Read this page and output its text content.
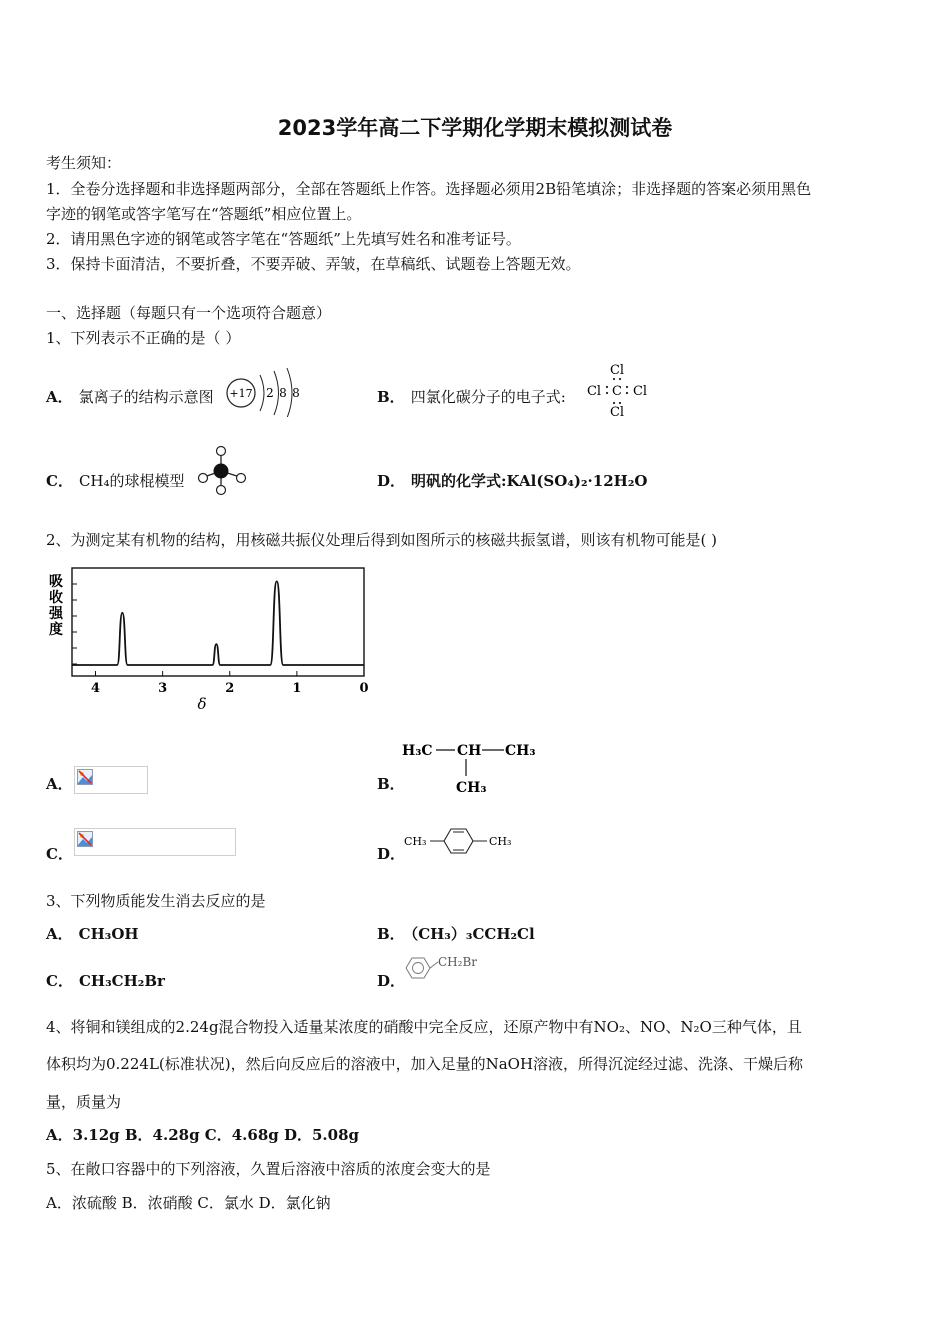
2023学年高二下学期化学期末模拟测试卷
考生须知：
1．全卷分选择题和非选择题两部分，全部在答题纸上作答。选择题必须用2B铅笔填涂；非选择题的答案必须用黑色
字迹的钢笔或答字笔写在“答题纸”相应位置上。
2．请用黑色字迹的钢笔或答字笔在“答题纸”上先填写姓名和准考证号。
3．保持卡面清洁，不要折叠，不要弄破、弄皱，在草稿纸、试题卷上答题无效。
一、选择题（每题只有一个选项符合题意）
1、下列表示不正确的是（ ）
A． 氯离子的结构示意图 +17 2 8 8	B． 四氯化碳分子的电子式:
Cl
Cl C Cl
Cl
C． CH₄的球棍模型	D． 明矾的化学式:KAl(SO₄)₂·12H₂O
2、为测定某有机物的结构，用核磁共振仪处理后得到如图所示的核磁共振氢谱，则该有机物可能是( )
吸
收
强
度
4	3	2	1	0
δ
A．	B．
H₃C CH CH₃
CH₃
C．	D．
CH₃	CH₃
3、下列物质能发生消去反应的是
A． CH₃OH	B． （CH₃）₃CCH₂Cl
C． CH₃CH₂Br	D．
CH₂Br
4、将铜和镁组成的2.24g混合物投入适量某浓度的硝酸中完全反应，还原产物中有NO₂、NO、N₂O三种气体，且
体积均为0.224L(标准状况)，然后向反应后的溶液中，加入足量的NaOH溶液，所得沉淀经过滤、洗涤、干燥后称
量，质量为
A．3.12g B．4.28g C．4.68g D．5.08g
5、在敞口容器中的下列溶液，久置后溶液中溶质的浓度会变大的是
A．浓硫酸 B．浓硝酸 C．氯水 D．氯化钠
